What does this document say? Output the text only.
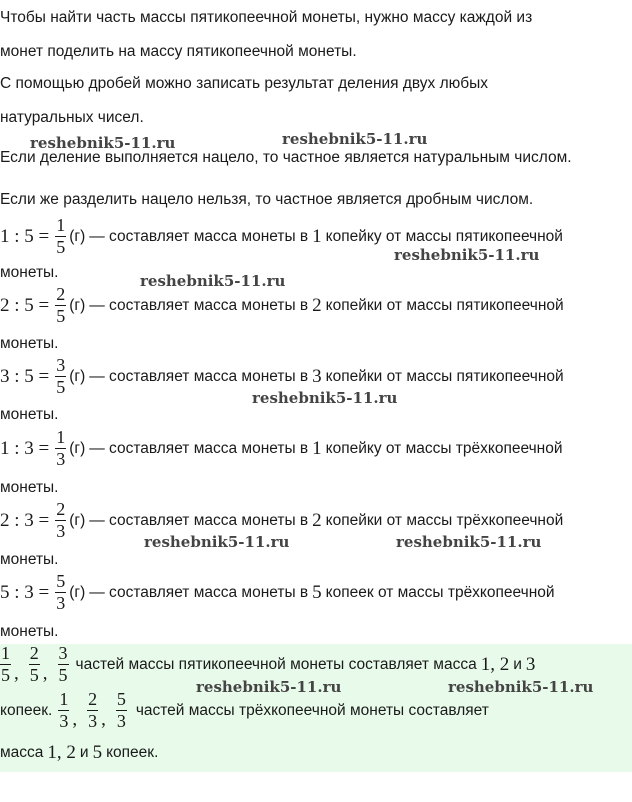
Чтобы найти часть массы пятикопеечной монеты, нужно массу каждой из
монет поделить на массу пятикопеечной монеты.
С помощью дробей можно записать результат деления двух любых
натуральных чисел.
reshebnik5-11.ru	reshebnik5-11.ru
Если деление выполняется нацело, то частное является натуральным числом.
Если же разделить нацело нельзя, то частное является дробным числом.
1 : $5 = \frac{1}{5} (г)$ — составляет масса монеты в 1 копейку от массы пятикопеечной
reshebnik5-11.ru
монеты.	reshebnik5-11.ru
2 : $5 = \frac{2}{5} (г)$ — составляет масса монеты в 2 копейки от массы пятикопеечной
монеты.
3 : $5 = \frac{3}{5} (г)$ — составляет масса монеты в 3 копейки от массы пятикопеечной
reshebnik5-11.ru
монеты.
1 : $3 = \frac{1}{3} (г)$ — составляет масса монеты в 1 копейку от массы трёхкопеечной
монеты.
2 : $3 = \frac{2}{3} (г)$ — составляет масса монеты в 2 копейки от массы трёхкопеечной
reshebnik5-11.ru	reshebnik5-11.ru
монеты.
5 : $3 = \frac{5}{3} (г)$ — составляет масса монеты в 5 копеек от массы трёхкопеечной
монеты.
$\frac{1}{5}$ , $\frac{2}{5}$ , $\frac{3}{5}$ частей массы пятикопеечной монеты составляет масса 1, 2 и 3
reshebnik5-11.ru	reshebnik5-11.ru
копеек. $\frac{1}{3}$ , $\frac{2}{3}$ , $\frac{5}{3}$ частей массы трёхкопеечной монеты составляет
масса 1, 2 и 5 копеек.
